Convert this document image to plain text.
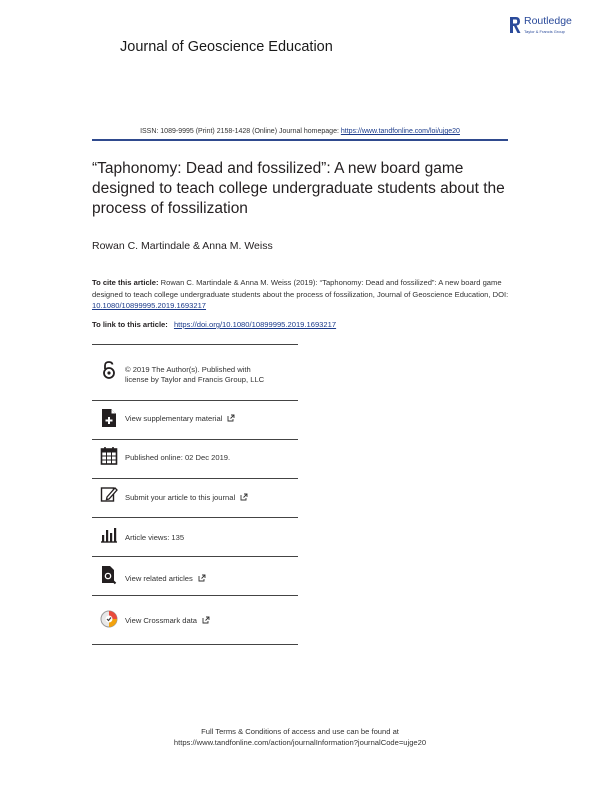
Journal of Geoscience Education
Routledge
Taylor & Francis Group
ISSN: 1089-9995 (Print) 2158-1428 (Online) Journal homepage: https://www.tandfonline.com/loi/ujge20
“Taphonomy: Dead and fossilized”: A new board game designed to teach college undergraduate students about the process of fossilization
Rowan C. Martindale & Anna M. Weiss
To cite this article: Rowan C. Martindale & Anna M. Weiss (2019): “Taphonomy: Dead and fossilized”: A new board game designed to teach college undergraduate students about the process of fossilization, Journal of Geoscience Education, DOI: 10.1080/10899995.2019.1693217
To link to this article: https://doi.org/10.1080/10899995.2019.1693217
© 2019 The Author(s). Published with
license by Taylor and Francis Group, LLC
View supplementary material
Published online: 02 Dec 2019.
Submit your article to this journal
Article views: 135
View related articles
View Crossmark data
Full Terms & Conditions of access and use can be found at
https://www.tandfonline.com/action/journalInformation?journalCode=ujge20
